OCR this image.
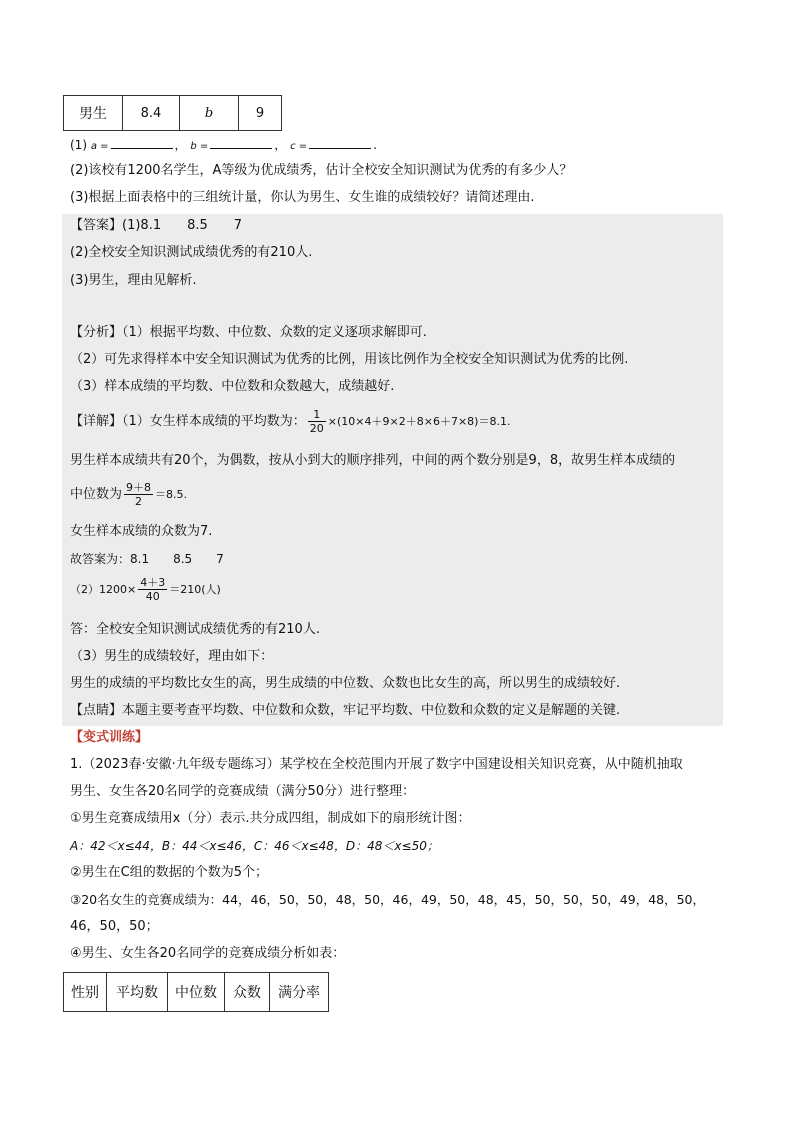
男生	8.4	b	9
(1) a =	， b =	， c =	.
(2)该校有1200名学生，A等级为优成绩秀，估计全校安全知识测试为优秀的有多少人？
(3)根据上面表格中的三组统计量，你认为男生、女生谁的成绩较好？请简述理由.
【答案】(1)8.1　　8.5　　7
(2)全校安全知识测试成绩优秀的有210人.
(3)男生，理由见解析.
【分析】（1）根据平均数、中位数、众数的定义逐项求解即可.
（2）可先求得样本中安全知识测试为优秀的比例，用该比例作为全校安全知识测试为优秀的比例.
（3）样本成绩的平均数、中位数和众数越大，成绩越好.
【详解】（1）女生样本成绩的平均数为： $\frac{1}{20} \times(10\times 4+9\times 2+8\times 6+7\times 8)=8.1$.
男生样本成绩共有20个，为偶数，按从小到大的顺序排列，中间的两个数分别是9，8，故男生样本成绩的
中位数为 $\frac{9+8}{2} =8.5$.
女生样本成绩的众数为7.
故答案为：8.1　　8.5　　7
$(2)1200\times \frac{4+3}{40} =210$(人)
答：全校安全知识测试成绩优秀的有210人.
（3）男生的成绩较好，理由如下：
男生的成绩的平均数比女生的高，男生成绩的中位数、众数也比女生的高，所以男生的成绩较好.
【点睛】本题主要考查平均数、中位数和众数，牢记平均数、中位数和众数的定义是解题的关键.
【变式训练】
1.（2023春·安徽·九年级专题练习）某学校在全校范围内开展了数字中国建设相关知识竞赛，从中随机抽取
男生、女生各20名同学的竞赛成绩（满分50分）进行整理：
①男生竞赛成绩用x（分）表示.共分成四组，制成如下的扇形统计图：
A：42＜x≤44，B：44＜x≤46，C：46＜x≤48，D：48＜x≤50；
②男生在C组的数据的个数为5个；
③20名女生的竞赛成绩为：44，46，50，50，48，50，46，49，50，48，45，50，50，50，49，48，50，
46，50，50；
④男生、女生各20名同学的竞赛成绩分析如表：
性别	平均数	中位数	众数	满分率
